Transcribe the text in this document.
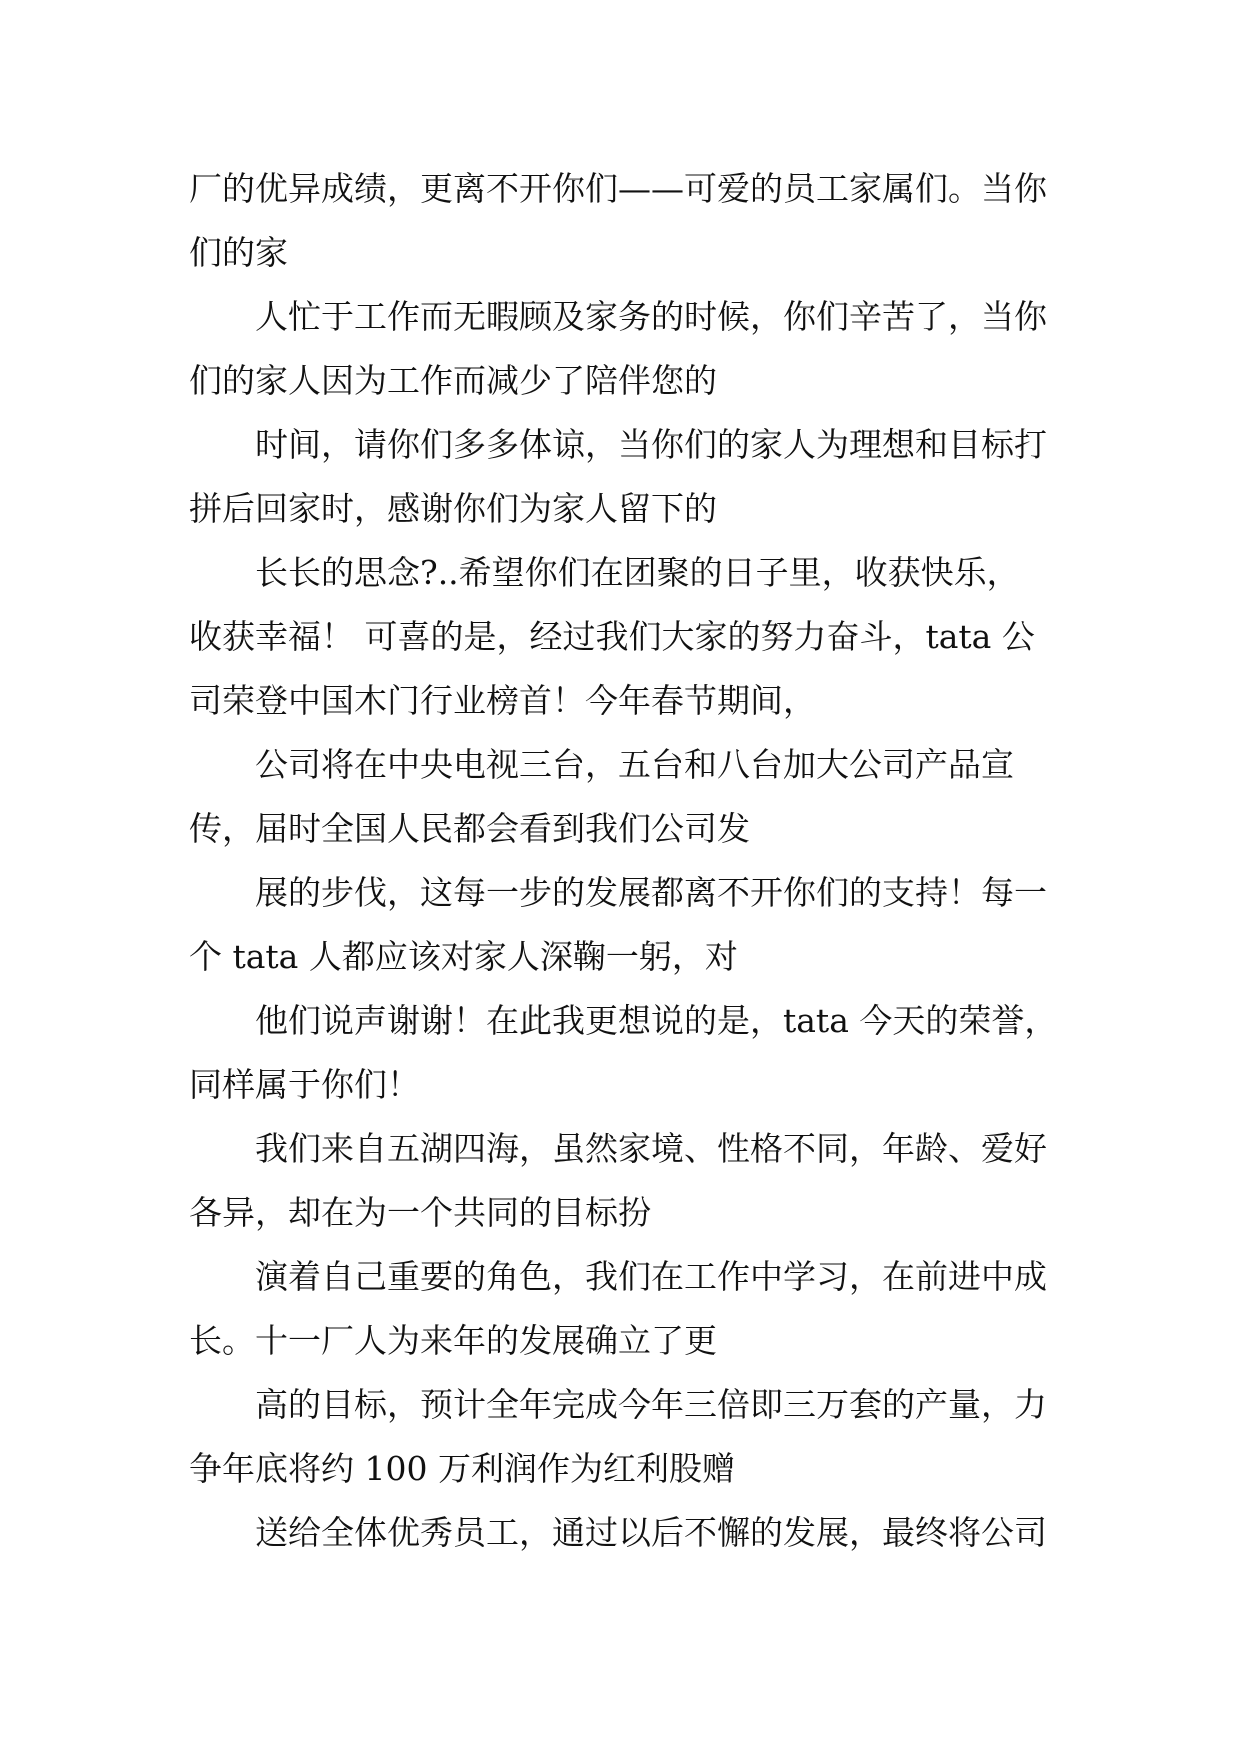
厂的优异成绩，更离不开你们——可爱的员工家属们。当你
们的家
人忙于工作而无暇顾及家务的时候，你们辛苦了，当你
们的家人因为工作而减少了陪伴您的
时间，请你们多多体谅，当你们的家人为理想和目标打
拼后回家时，感谢你们为家人留下的
长长的思念?..希望你们在团聚的日子里，收获快乐，
收获幸福！ 可喜的是，经过我们大家的努力奋斗，tata 公
司荣登中国木门行业榜首！今年春节期间，
公司将在中央电视三台，五台和八台加大公司产品宣
传，届时全国人民都会看到我们公司发
展的步伐，这每一步的发展都离不开你们的支持！每一
个 tata 人都应该对家人深鞠一躬，对
他们说声谢谢！在此我更想说的是，tata 今天的荣誉，
同样属于你们！
我们来自五湖四海，虽然家境、性格不同，年龄、爱好
各异，却在为一个共同的目标扮
演着自己重要的角色，我们在工作中学习，在前进中成
长。十一厂人为来年的发展确立了更
高的目标，预计全年完成今年三倍即三万套的产量，力
争年底将约 100 万利润作为红利股赠
送给全体优秀员工，通过以后不懈的发展，最终将公司
